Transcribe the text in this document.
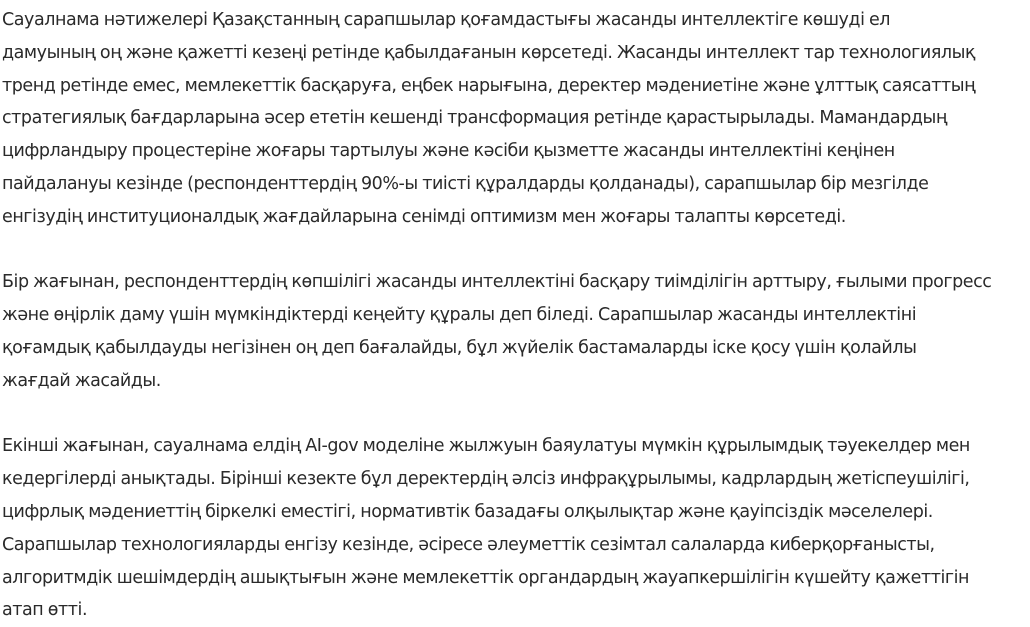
Сауалнама нәтижелері Қазақстанның сарапшылар қоғамдастығы жасанды интеллектіге көшуді ел
дамуының оң және қажетті кезеңі ретінде қабылдағанын көрсетеді. Жасанды интеллект тар технологиялық
тренд ретінде емес, мемлекеттік басқаруға, еңбек нарығына, деректер мәдениетіне және ұлттық саясаттың
стратегиялық бағдарларына әсер ететін кешенді трансформация ретінде қарастырылады. Мамандардың
цифрландыру процестеріне жоғары тартылуы және кәсіби қызметте жасанды интеллектіні кеңінен
пайдалануы кезінде (респонденттердің 90%-ы тиісті құралдарды қолданады), сарапшылар бір мезгілде
енгізудің институционалдық жағдайларына сенімді оптимизм мен жоғары талапты көрсетеді.
Бір жағынан, респонденттердің көпшілігі жасанды интеллектіні басқару тиімділігін арттыру, ғылыми прогресс
және өңірлік даму үшін мүмкіндіктерді кеңейту құралы деп біледі. Сарапшылар жасанды интеллектіні
қоғамдық қабылдауды негізінен оң деп бағалайды, бұл жүйелік бастамаларды іске қосу үшін қолайлы
жағдай жасайды.
Екінші жағынан, сауалнама елдің AI-gov моделіне жылжуын баяулатуы мүмкін құрылымдық тәуекелдер мен
кедергілерді анықтады. Бірінші кезекте бұл деректердің әлсіз инфрақұрылымы, кадрлардың жетіспеушілігі,
цифрлық мәдениеттің біркелкі еместігі, нормативтік базадағы олқылықтар және қауіпсіздік мәселелері.
Сарапшылар технологияларды енгізу кезінде, әсіресе әлеуметтік сезімтал салаларда киберқорғанысты,
алгоритмдік шешімдердің ашықтығын және мемлекеттік органдардың жауапкершілігін күшейту қажеттігін
атап өтті.
